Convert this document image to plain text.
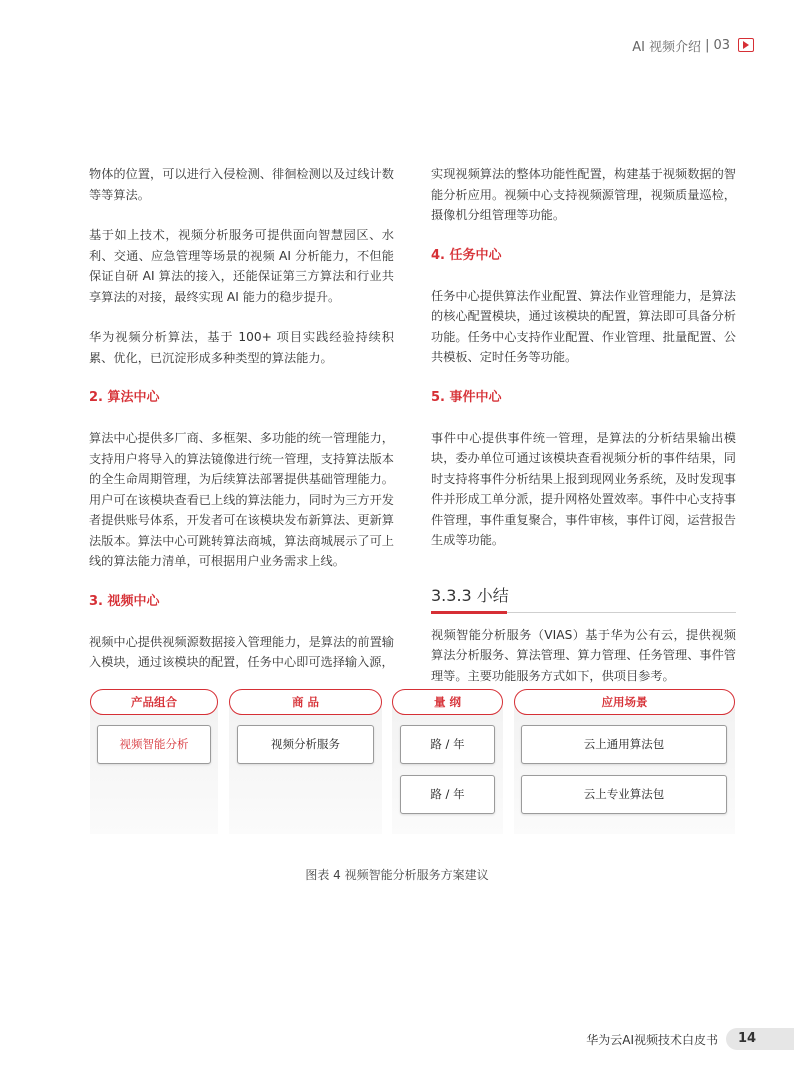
AI 视频介绍 | 03

物体的位置，可以进行入侵检测、徘徊检测以及过线计数等等算法。

基于如上技术，视频分析服务可提供面向智慧园区、水利、交通、应急管理等场景的视频 AI 分析能力，不但能保证自研 AI 算法的接入，还能保证第三方算法和行业共享算法的对接，最终实现 AI 能力的稳步提升。

华为视频分析算法，基于 100+ 项目实践经验持续积累、优化，已沉淀形成多种类型的算法能力。

2. 算法中心

算法中心提供多厂商、多框架、多功能的统一管理能力，支持用户将导入的算法镜像进行统一管理，支持算法版本的全生命周期管理，为后续算法部署提供基础管理能力。用户可在该模块查看已上线的算法能力，同时为三方开发者提供账号体系，开发者可在该模块发布新算法、更新算法版本。算法中心可跳转算法商城，算法商城展示了可上线的算法能力清单，可根据用户业务需求上线。

3. 视频中心

视频中心提供视频源数据接入管理能力，是算法的前置输入模块，通过该模块的配置，任务中心即可选择输入源，

实现视频算法的整体功能性配置，构建基于视频数据的智能分析应用。视频中心支持视频源管理，视频质量巡检，摄像机分组管理等功能。

4. 任务中心

任务中心提供算法作业配置、算法作业管理能力，是算法的核心配置模块，通过该模块的配置，算法即可具备分析功能。任务中心支持作业配置、作业管理、批量配置、公共模板、定时任务等功能。

5. 事件中心

事件中心提供事件统一管理，是算法的分析结果输出模块，委办单位可通过该模块查看视频分析的事件结果，同时支持将事件分析结果上报到现网业务系统，及时发现事件并形成工单分派，提升网格处置效率。事件中心支持事件管理，事件重复聚合，事件审核，事件订阅，运营报告生成等功能。

3.3.3 小结

视频智能分析服务（VIAS）基于华为公有云，提供视频算法分析服务、算法管理、算力管理、任务管理、事件管理等。主要功能服务方式如下，供项目参考。

产品组合
视频智能分析
商 品
视频分析服务
量 纲
路 / 年
路 / 年
应用场景
云上通用算法包
云上专业算法包
图表 4 视频智能分析服务方案建议
华为云AI视频技术白皮书	14
